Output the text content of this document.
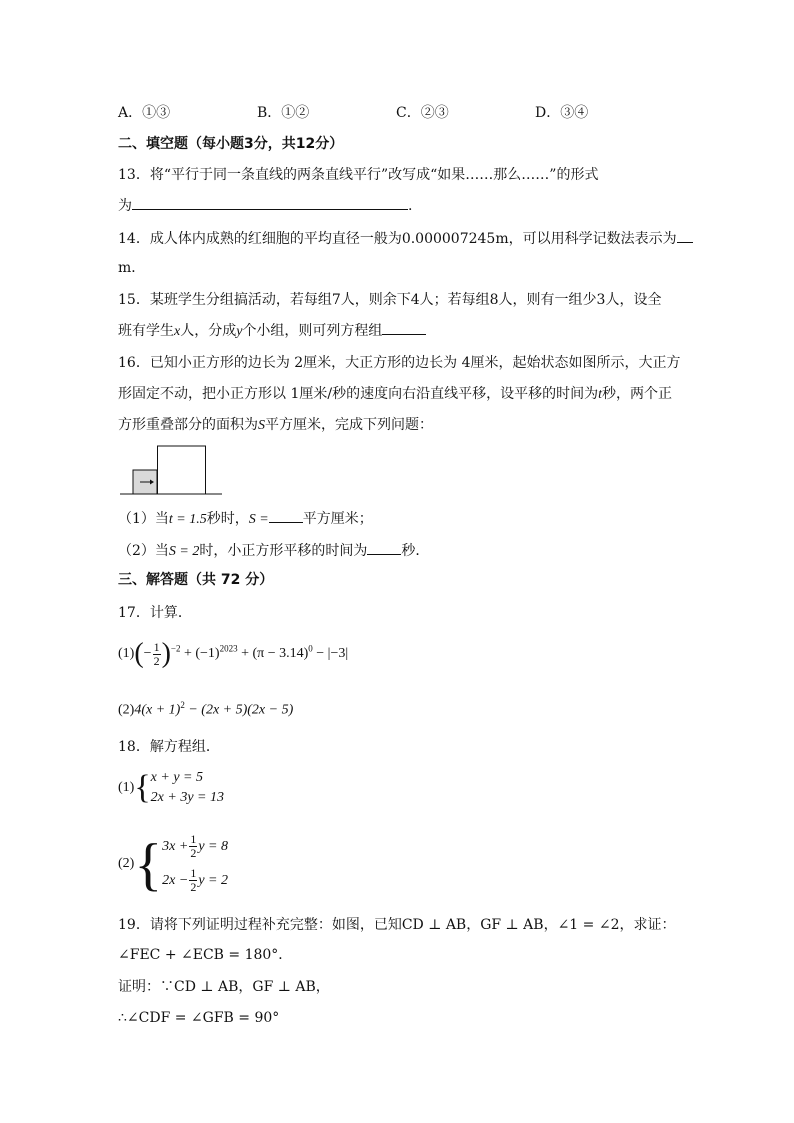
A．①③	B．①②	C．②③	D．③④
二、填空题（每小题3分，共12分）
13．将“平行于同一条直线的两条直线平行”改写成“如果……那么……”的形式
为	.
14．成人体内成熟的红细胞的平均直径一般为0.000007245m，可以用科学记数法表示为
m．
15．某班学生分组搞活动，若每组7人，则余下4人；若每组8人，则有一组少3人，设全
班有学生x人，分成y个小组，则可列方程组
16．已知小正方形的边长为 2厘米，大正方形的边长为 4厘米，起始状态如图所示，大正方
形固定不动，把小正方形以 1厘米/秒的速度向右沿直线平移，设平移的时间为t秒，两个正
方形重叠部分的面积为S平方厘米，完成下列问题：
（1）当t = 1.5秒时，S = 平方厘米；
（2）当S = 2时，小正方形平移的时间为 秒．
三、解答题（共 72 分）
17．计算．
$(1)(- \frac{1}{2} )^{-2} + (-1)^{2023} + (\pi - 3.14)^0 - |-3|$
$(2)4(x + 1)^2 - (2x + 5)(2x - 5)$
18．解方程组．
(1){ x + y = 5
2x + 3y = 13
(2){ $3x + \frac{1}{2}$ y = 8
$2x - \frac{1}{2}$ y = 2
19．请将下列证明过程补充完整：如图，已知CD ⊥ AB，GF ⊥ AB，∠1 = ∠2，求证：
∠FEC + ∠ECB = 180°．
证明：∵CD ⊥ AB，GF ⊥ AB，
∴∠CDF = ∠GFB = 90°
